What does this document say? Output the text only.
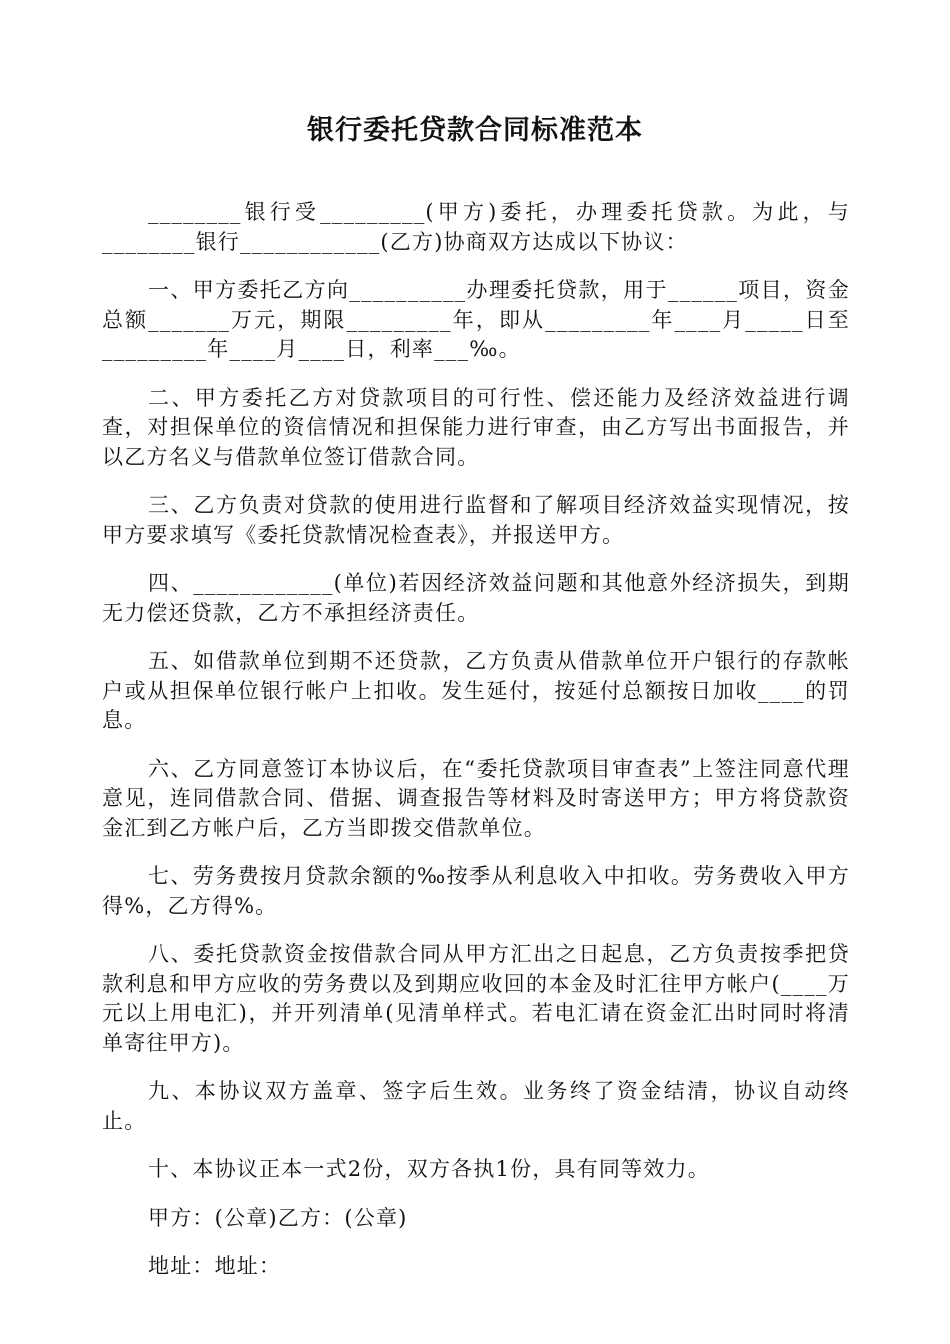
银行委托贷款合同标准范本

________银行受_________(甲方)委托，办理委托贷款。为此，与________银行____________(乙方)协商双方达成以下协议：

一、甲方委托乙方向__________办理委托贷款，用于______项目，资金总额_______万元，期限_________年，即从_________年____月_____日至_________年____月____日，利率___‰。

二、甲方委托乙方对贷款项目的可行性、偿还能力及经济效益进行调查，对担保单位的资信情况和担保能力进行审查，由乙方写出书面报告，并以乙方名义与借款单位签订借款合同。

三、乙方负责对贷款的使用进行监督和了解项目经济效益实现情况，按甲方要求填写《委托贷款情况检查表》，并报送甲方。

四、____________(单位)若因经济效益问题和其他意外经济损失，到期无力偿还贷款，乙方不承担经济责任。

五、如借款单位到期不还贷款，乙方负责从借款单位开户银行的存款帐户或从担保单位银行帐户上扣收。发生延付，按延付总额按日加收____的罚息。

六、乙方同意签订本协议后，在“委托贷款项目审查表”上签注同意代理意见，连同借款合同、借据、调查报告等材料及时寄送甲方；甲方将贷款资金汇到乙方帐户后，乙方当即拨交借款单位。

七、劳务费按月贷款余额的‰按季从利息收入中扣收。劳务费收入甲方得%，乙方得%。

八、委托贷款资金按借款合同从甲方汇出之日起息，乙方负责按季把贷款利息和甲方应收的劳务费以及到期应收回的本金及时汇往甲方帐户(____万元以上用电汇)，并开列清单(见清单样式。若电汇请在资金汇出时同时将清单寄往甲方)。

九、本协议双方盖章、签字后生效。业务终了资金结清，协议自动终止。

十、本协议正本一式2份，双方各执1份，具有同等效力。

甲方：(公章)乙方：(公章)

地址：地址：
